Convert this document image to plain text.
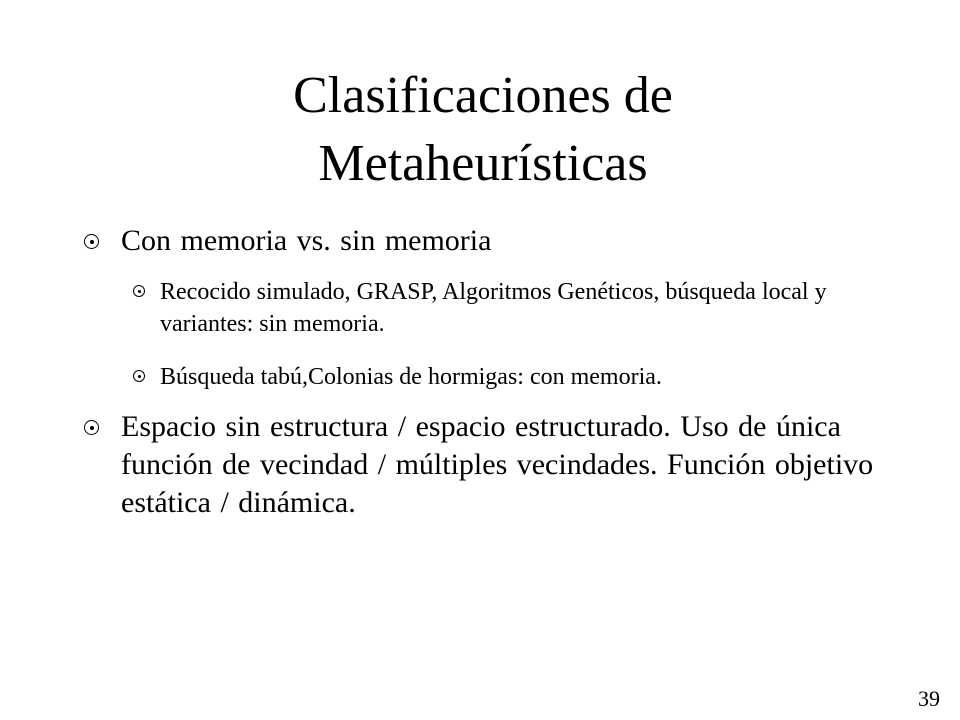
Clasificaciones de
Metaheurísticas
Con memoria vs. sin memoria
Recocido simulado, GRASP, Algoritmos Genéticos, búsqueda local y variantes: sin memoria.
Búsqueda tabú,Colonias de hormigas: con memoria.
Espacio sin estructura / espacio estructurado. Uso de única función de vecindad / múltiples vecindades. Función objetivo estática / dinámica.
39
